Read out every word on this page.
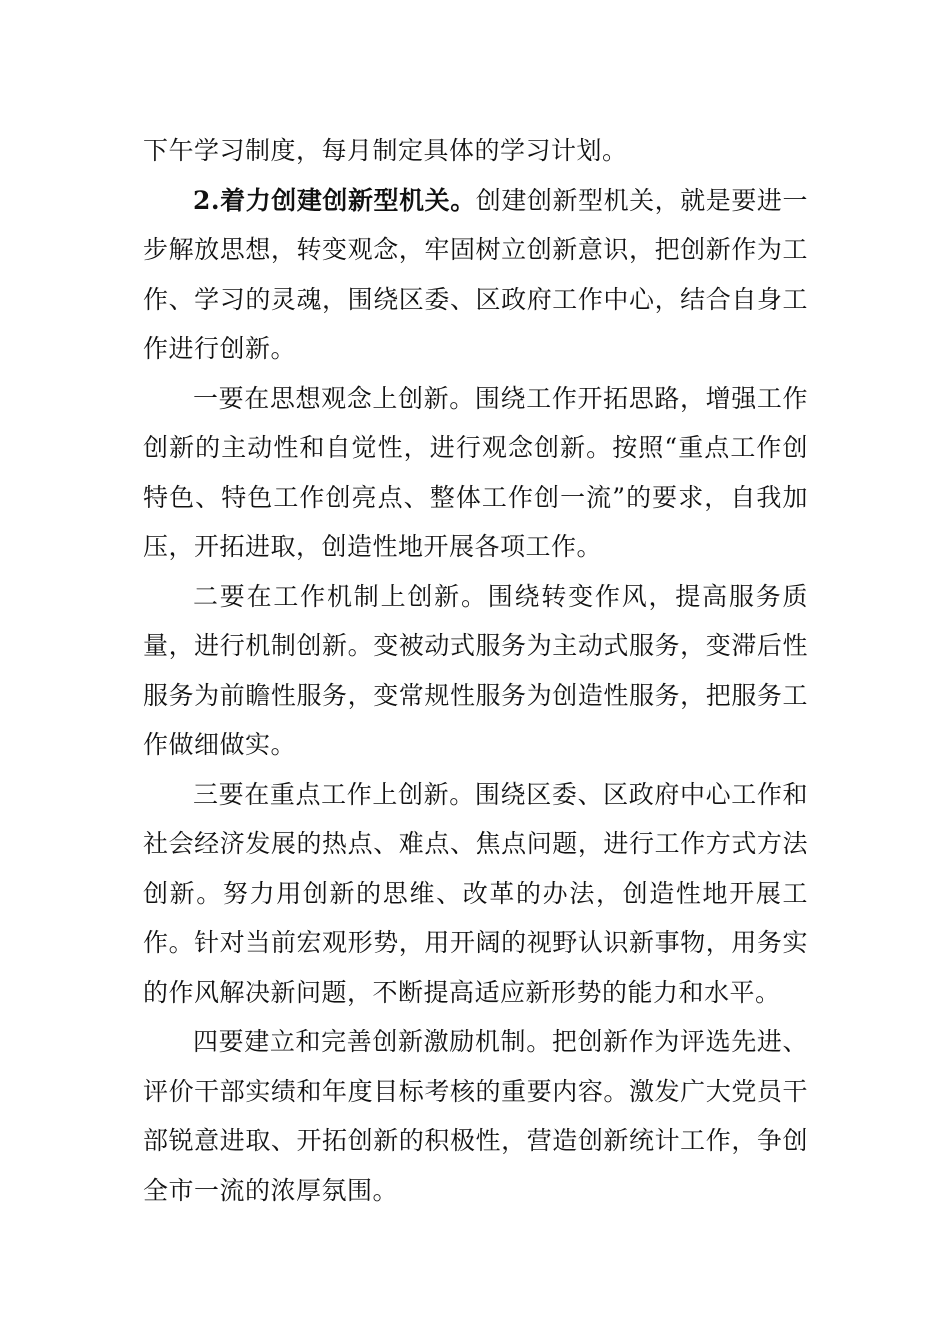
下午学习制度，每月制定具体的学习计划。

2.着力创建创新型机关。创建创新型机关，就是要进一步解放思想，转变观念，牢固树立创新意识，把创新作为工作、学习的灵魂，围绕区委、区政府工作中心，结合自身工作进行创新。

一要在思想观念上创新。围绕工作开拓思路，增强工作创新的主动性和自觉性，进行观念创新。按照“重点工作创特色、特色工作创亮点、整体工作创一流”的要求，自我加压，开拓进取，创造性地开展各项工作。

二要在工作机制上创新。围绕转变作风，提高服务质量，进行机制创新。变被动式服务为主动式服务，变滞后性服务为前瞻性服务，变常规性服务为创造性服务，把服务工作做细做实。

三要在重点工作上创新。围绕区委、区政府中心工作和社会经济发展的热点、难点、焦点问题，进行工作方式方法创新。努力用创新的思维、改革的办法，创造性地开展工作。针对当前宏观形势，用开阔的视野认识新事物，用务实的作风解决新问题，不断提高适应新形势的能力和水平。

四要建立和完善创新激励机制。把创新作为评选先进、评价干部实绩和年度目标考核的重要内容。激发广大党员干部锐意进取、开拓创新的积极性，营造创新统计工作，争创全市一流的浓厚氛围。
